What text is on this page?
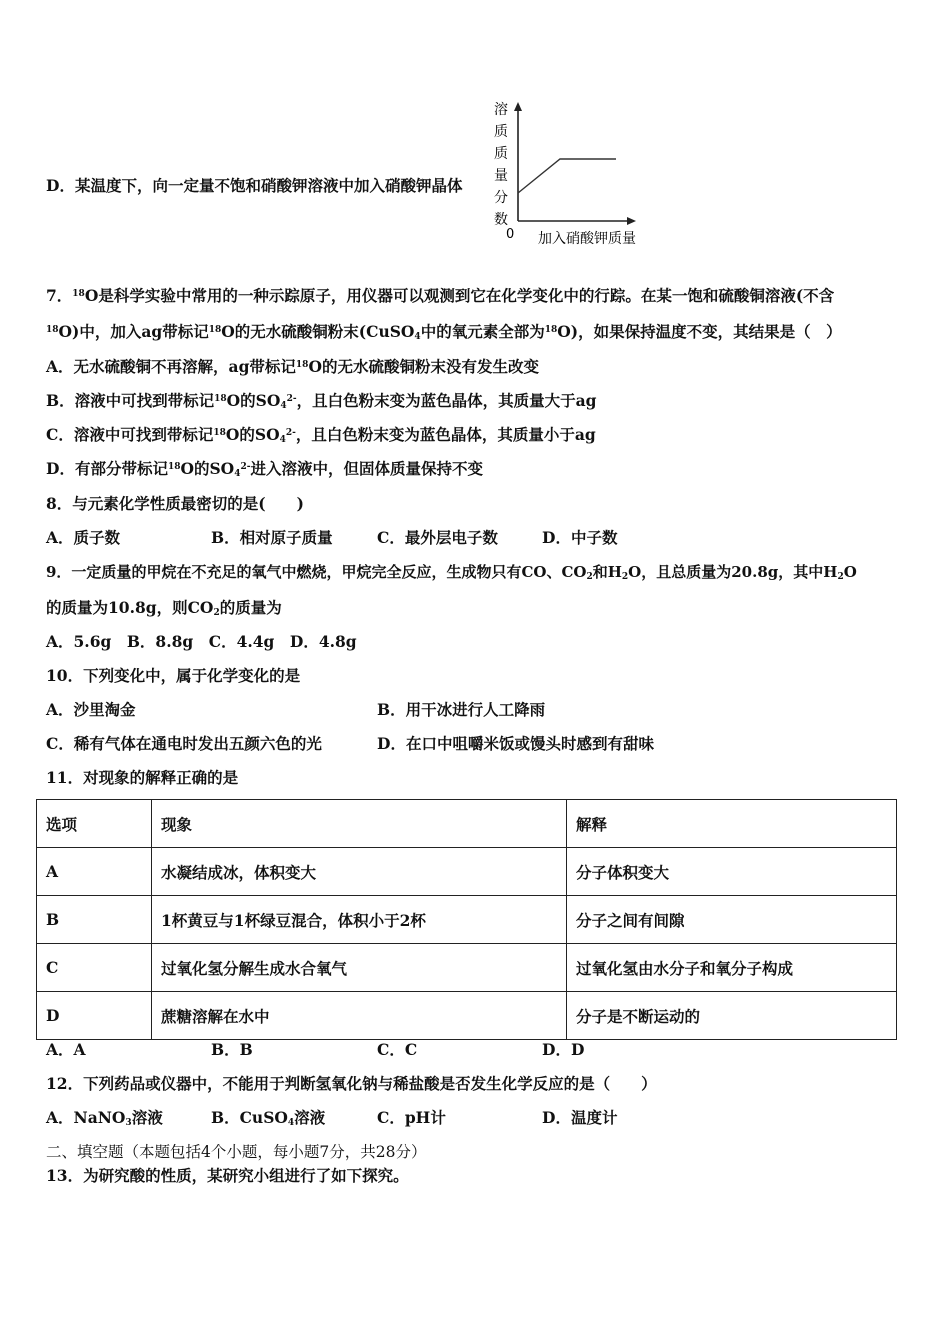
D．某温度下，向一定量不饱和硝酸钾溶液中加入硝酸钾晶体
溶
质
质
量
分
数
0 加入硝酸钾质量
7．$^{18}$O是科学实验中常用的一种示踪原子，用仪器可以观测到它在化学变化中的行踪。在某一饱和硫酸铜溶液(不含
$^{18}$O)中，加入ag带标记$^{18}$O的无水硫酸铜粉末(CuSO$_4$中的氧元素全部为$^{18}$O)，如果保持温度不变，其结果是（　）
A．无水硫酸铜不再溶解，ag带标记$^{18}$O的无水硫酸铜粉末没有发生改变
B．溶液中可找到带标记$^{18}$O的$SO_4^{2-}$，且白色粉末变为蓝色晶体，其质量大于ag
C．溶液中可找到带标记$^{18}$O的$SO_4^{2-}$，且白色粉末变为蓝色晶体，其质量小于ag
D．有部分带标记$^{18}$O的$SO_4^{2-}$进入溶液中，但固体质量保持不变
8．与元素化学性质最密切的是(　　)
A．质子数	B．相对原子质量	C．最外层电子数	D．中子数
9．一定质量的甲烷在不充足的氧气中燃烧，甲烷完全反应，生成物只有CO、$CO_2$和$H_2O$，且总质量为20.8g，其中$H_2O$
的质量为10.8g，则$CO_2$的质量为
A．5.6g　B．8.8g　C．4.4g　D．4.8g
10．下列变化中，属于化学变化的是
A．沙里淘金	B．用干冰进行人工降雨
C．稀有气体在通电时发出五颜六色的光	D．在口中咀嚼米饭或馒头时感到有甜味
11．对现象的解释正确的是
选项	现象	解释
A	水凝结成冰，体积变大	分子体积变大
B	1杯黄豆与1杯绿豆混合，体积小于2杯	分子之间有间隙
C	过氧化氢分解生成水合氧气	过氧化氢由水分子和氧分子构成
D	蔗糖溶解在水中	分子是不断运动的
A．A	B．B	C．C	D．D
12．下列药品或仪器中，不能用于判断氢氧化钠与稀盐酸是否发生化学反应的是（　　）
A．NaNO$_3$溶液	B．CuSO$_4$溶液	C．pH计	D．温度计
二、填空题（本题包括4个小题，每小题7分，共28分）
13．为研究酸的性质，某研究小组进行了如下探究。
